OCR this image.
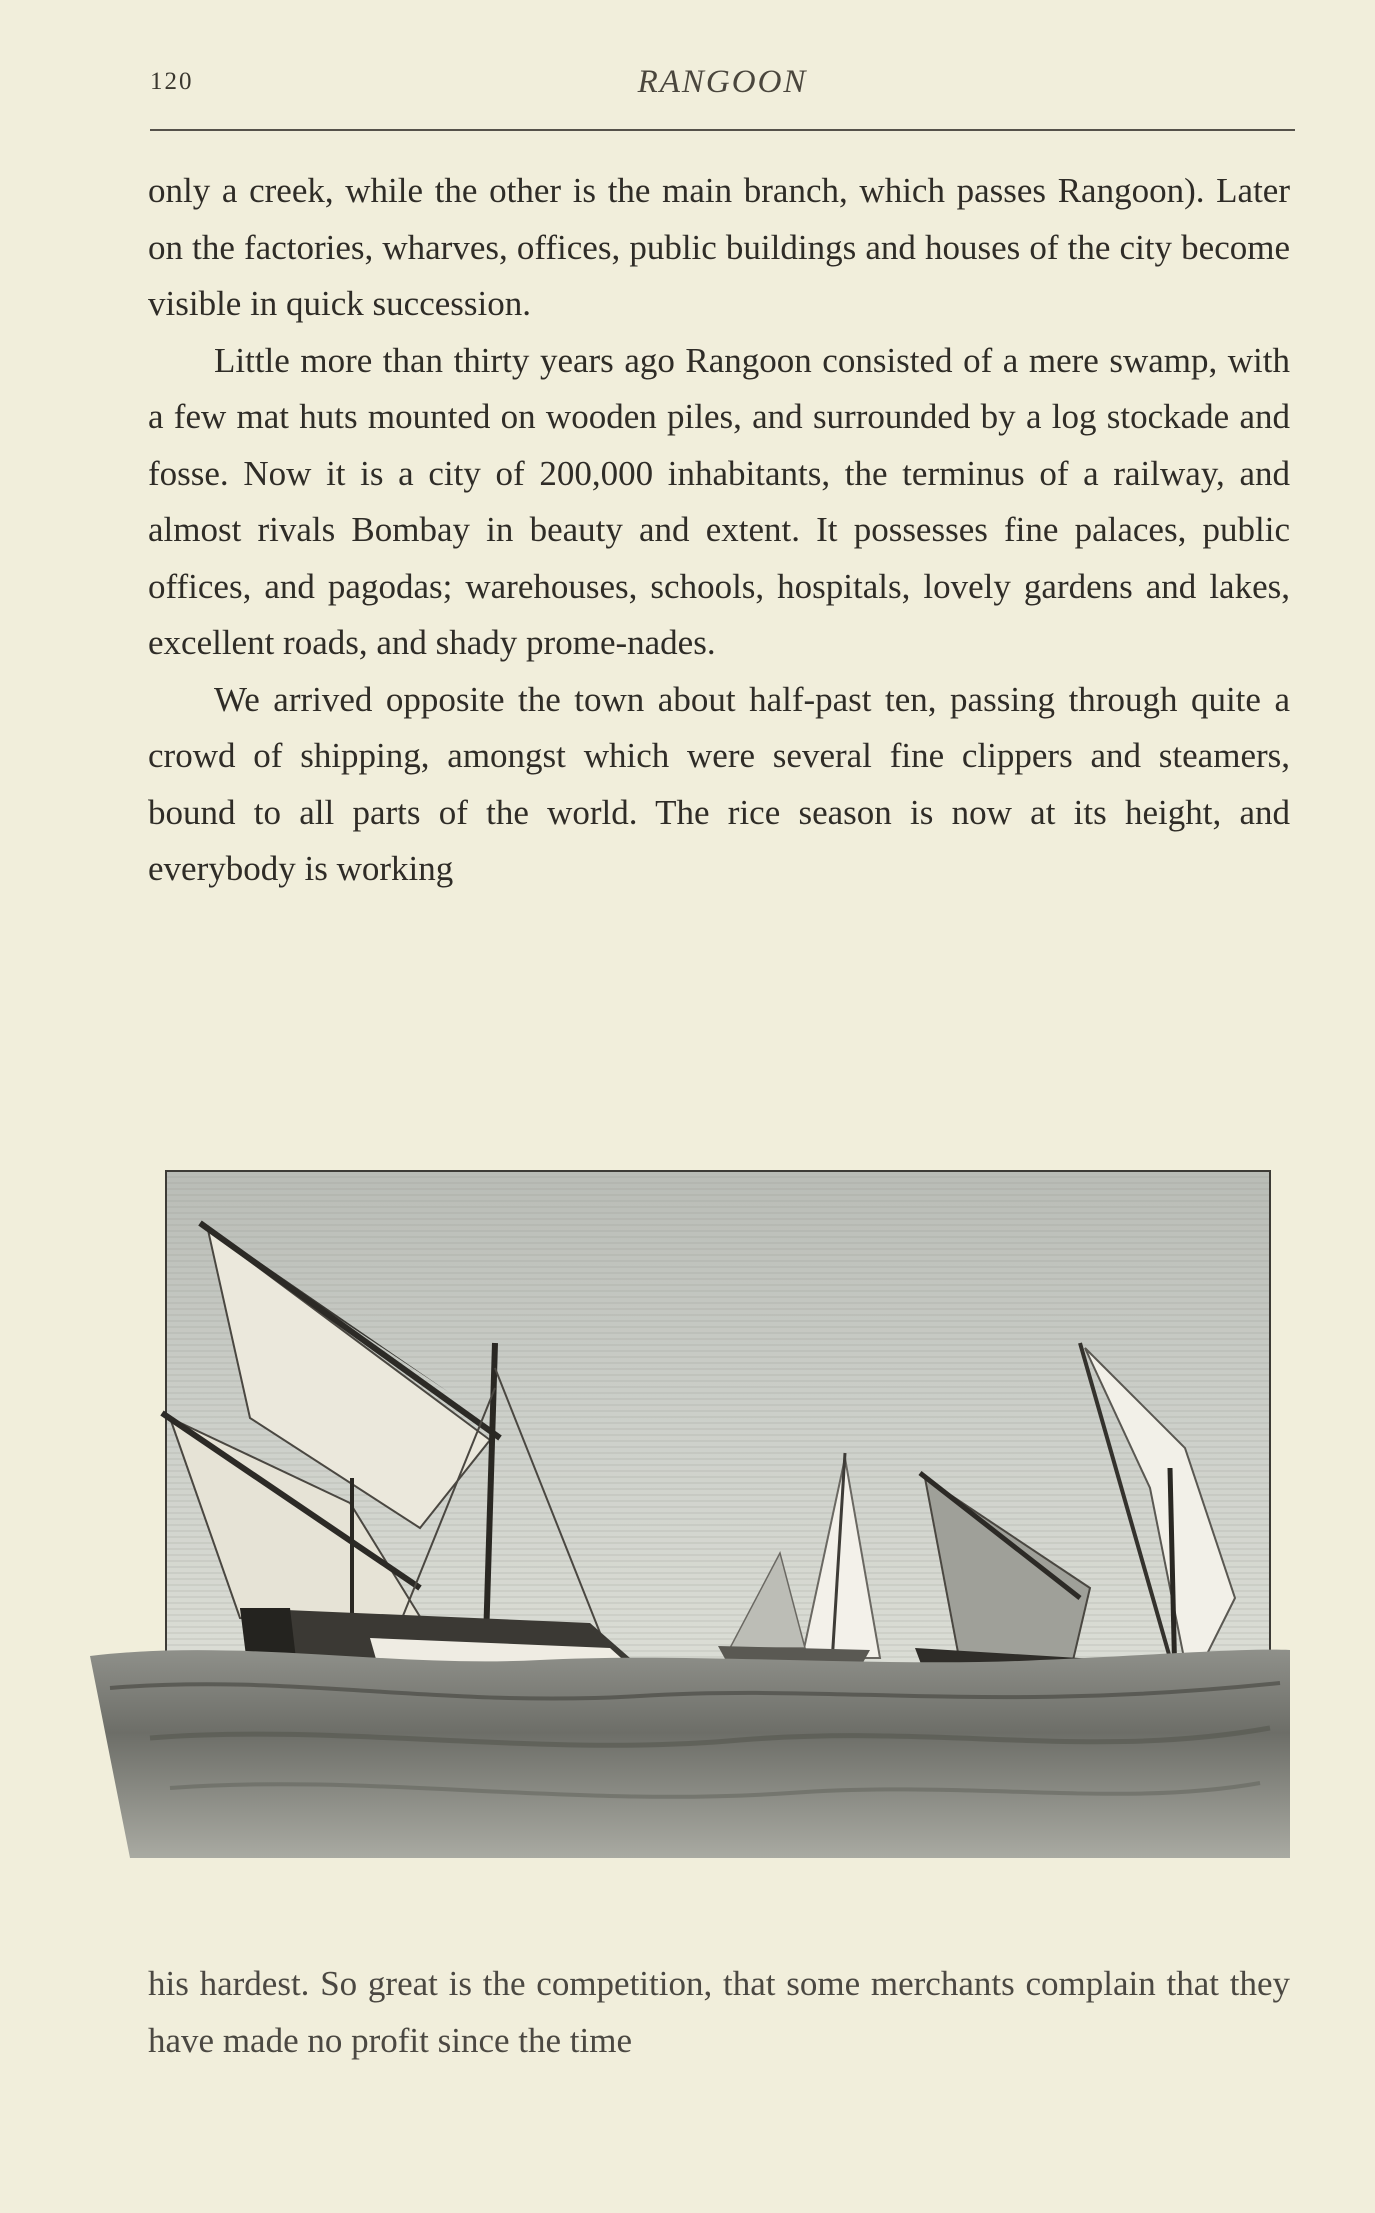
120	RANGOON

only a creek, while the other is the main branch, which passes Rangoon). Later on the factories, wharves, offices, public buildings and houses of the city become visible in quick succession.

Little more than thirty years ago Rangoon consisted of a mere swamp, with a few mat huts mounted on wooden piles, and surrounded by a log stockade and fosse. Now it is a city of 200,000 inhabitants, the terminus of a railway, and almost rivals Bombay in beauty and extent. It possesses fine palaces, public offices, and pagodas; warehouses, schools, hospitals, lovely gardens and lakes, excellent roads, and shady prome-nades.

We arrived opposite the town about half-past ten, passing through quite a crowd of shipping, amongst which were several fine clippers and steamers, bound to all parts of the world. The rice season is now at its height, and everybody is working

his hardest. So great is the competition, that some merchants complain that they have made no profit since the time
